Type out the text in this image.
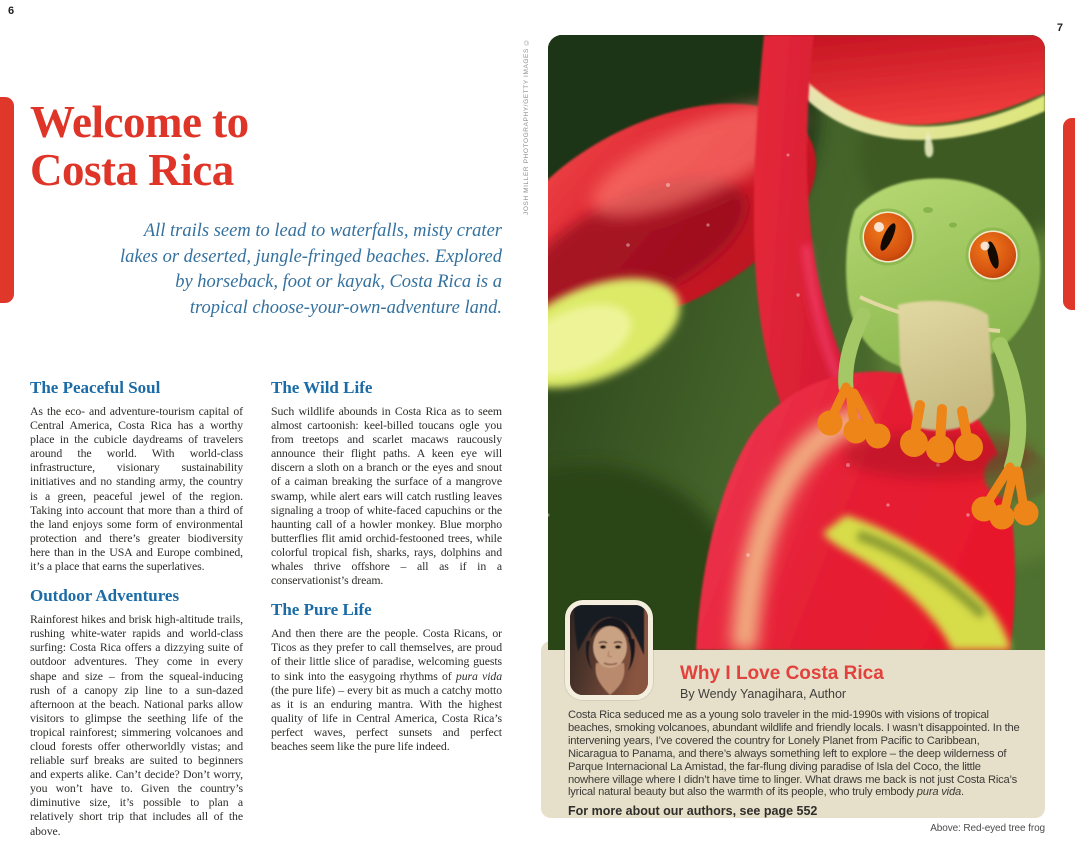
6
7
Welcome to
Costa Rica
All trails seem to lead to waterfalls, misty crater lakes or deserted, jungle-fringed beaches. Explored by horseback, foot or kayak, Costa Rica is a tropical choose-your-own-adventure land.
The Peaceful Soul

As the eco- and adventure-tourism capital of Central America, Costa Rica has a worthy place in the cubicle daydreams of travelers around the world. With world-class infrastructure, visionary sustainability initiatives and no standing army, the country is a green, peaceful jewel of the region. Taking into account that more than a third of the land enjoys some form of environmental protection and there’s greater biodiversity here than in the USA and Europe combined, it’s a place that earns the superlatives.

Outdoor Adventures

Rainforest hikes and brisk high-altitude trails, rushing white-water rapids and world-class surfing: Costa Rica offers a dizzying suite of outdoor adventures. They come in every shape and size – from the squeal-inducing rush of a canopy zip line to a sun-dazed afternoon at the beach. National parks allow visitors to glimpse the seething life of the tropical rainforest; simmering volcanoes and cloud forests offer otherworldly vistas; and reliable surf breaks are suited to beginners and experts alike. Can’t decide? Don’t worry, you won’t have to. Given the country’s diminutive size, it’s possible to plan a relatively short trip that includes all of the above.

The Wild Life

Such wildlife abounds in Costa Rica as to seem almost cartoonish: keel-billed toucans ogle you from treetops and scarlet macaws raucously announce their flight paths. A keen eye will discern a sloth on a branch or the eyes and snout of a caiman breaking the surface of a mangrove swamp, while alert ears will catch rustling leaves signaling a troop of white-faced capuchins or the haunting call of a howler monkey. Blue morpho butterflies flit amid orchid-festooned trees, while colorful tropical fish, sharks, rays, dolphins and whales thrive offshore – all as if in a conservationist’s dream.

The Pure Life

And then there are the people. Costa Ricans, or Ticos as they prefer to call themselves, are proud of their little slice of paradise, welcoming guests to sink into the easygoing rhythms of pura vida (the pure life) – every bit as much a catchy motto as it is an enduring mantra. With the highest quality of life in Central America, Costa Rica’s perfect waves, perfect sunsets and perfect beaches seem like the pure life indeed.

JOSH MILLER PHOTOGRAPHY/GETTY IMAGES ©
Why I Love Costa Rica

By Wendy Yanagihara, Author

Costa Rica seduced me as a young solo traveler in the mid-1990s with visions of tropical beaches, smoking volcanoes, abundant wildlife and friendly locals. I wasn’t disappointed. In the intervening years, I’ve covered the country for Lonely Planet from Pacific to Caribbean, Nicaragua to Panama, and there’s always something left to explore – the deep wilderness of Parque Internacional La Amistad, the far-flung diving paradise of Isla del Coco, the little nowhere village where I didn’t have time to linger. What draws me back is not just Costa Rica’s lyrical natural beauty but also the warmth of its people, who truly embody pura vida.

For more about our authors, see page 552

Above: Red-eyed tree frog
